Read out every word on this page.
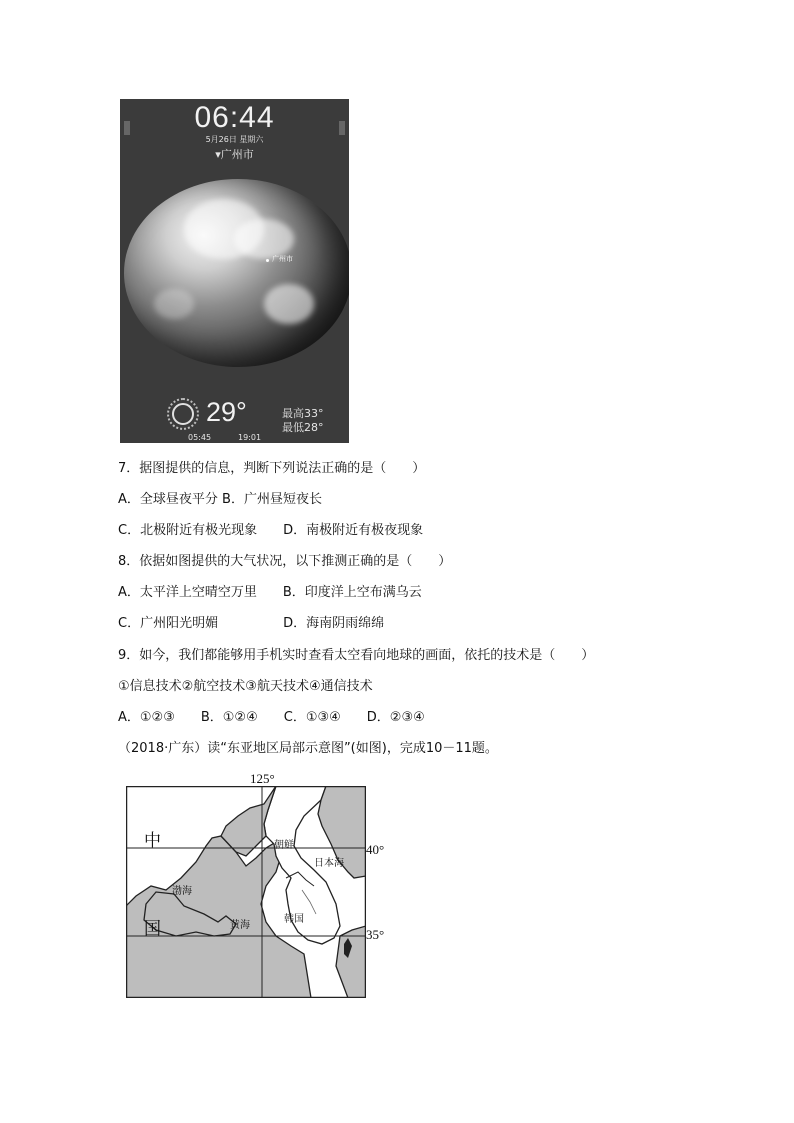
06:44
5月26日 星期六
▾广州市
广州市
29°	最高33°
最低28°
05:45	19:01
7．据图提供的信息，判断下列说法正确的是（　　）
A．全球昼夜平分 B．广州昼短夜长
C．北极附近有极光现象　　D．南极附近有极夜现象
8．依据如图提供的大气状况，以下推测正确的是（　　）
A．太平洋上空晴空万里　　B．印度洋上空布满乌云
C．广州阳光明媚　　　　　D．海南阴雨绵绵
9．如今，我们都能够用手机实时查看太空看向地球的画面，依托的技术是（　　）
①信息技术②航空技术③航天技术④通信技术
A．①②③　　B．①②④　　C．①③④　　D．②③④
（2018·广东）读“东亚地区局部示意图”(如图)，完成10－11题。
125°
40°
35°
中
国
渤海
黄海
朝鲜
韩国
日本海
